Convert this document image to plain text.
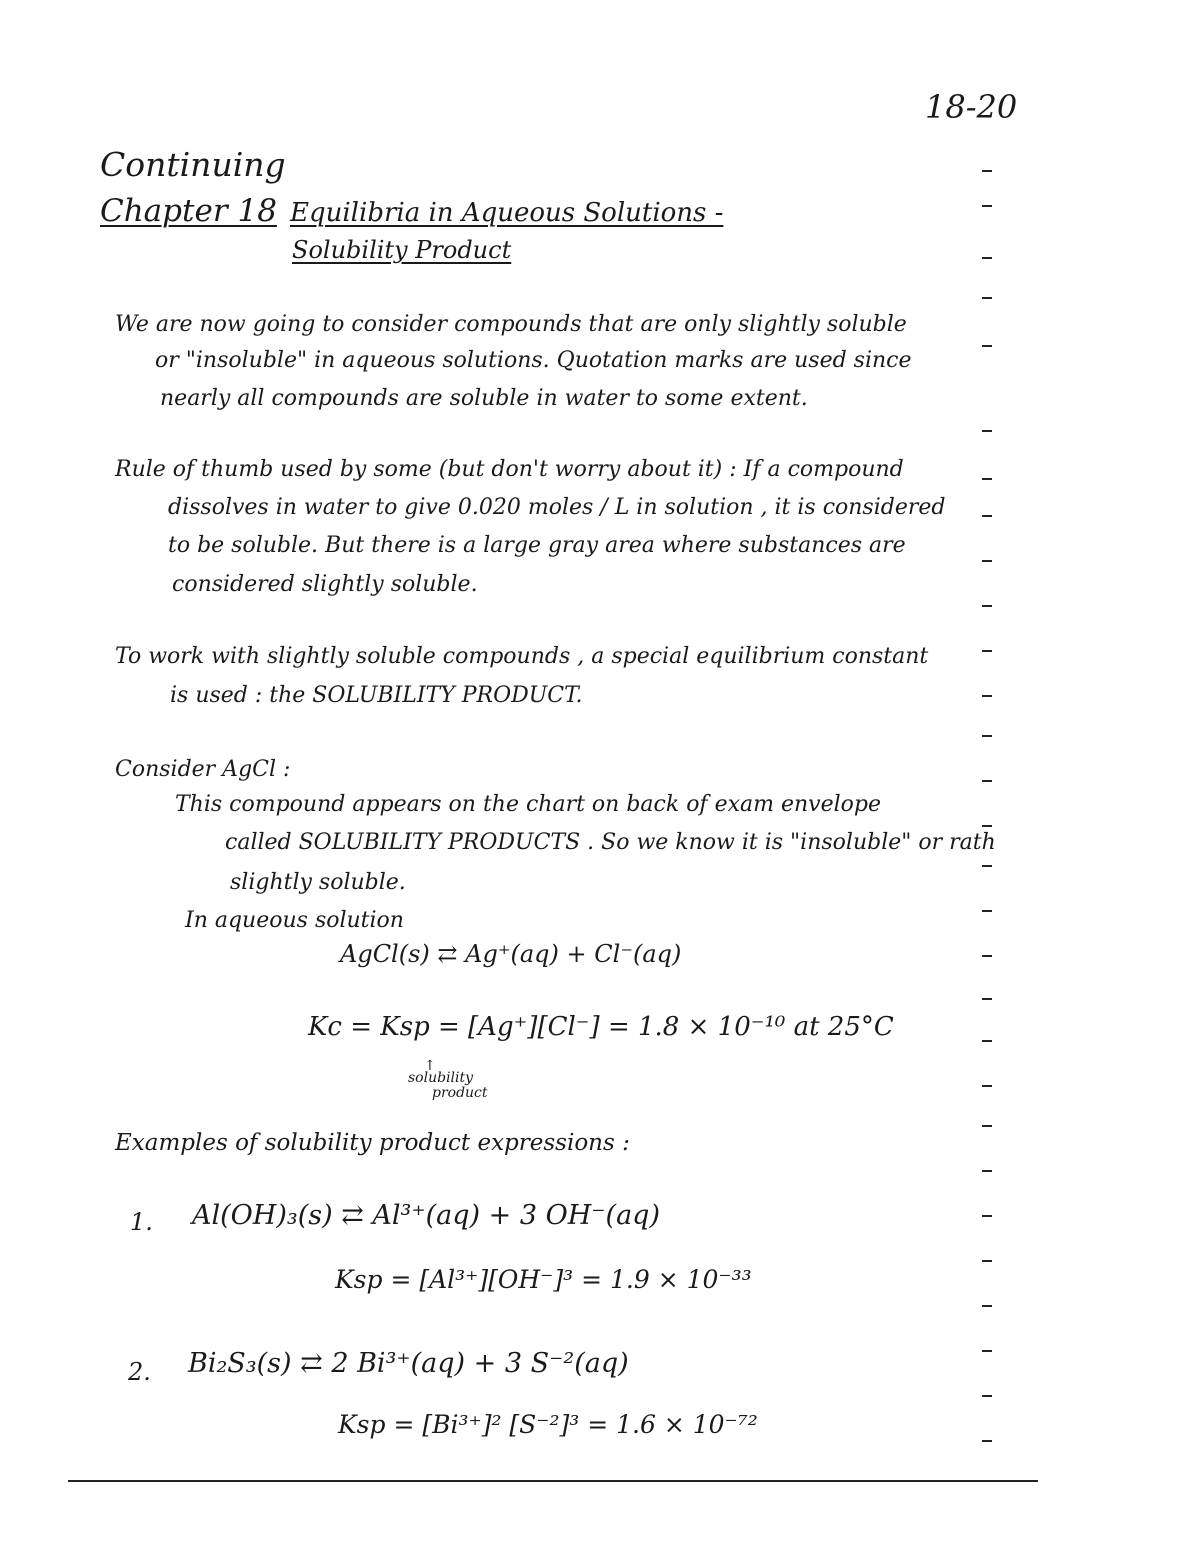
18-20
Continuing
Chapter 18 Equilibria in Aqueous Solutions -
Solubility Product
We are now going to consider compounds that are only slightly soluble
or "insoluble" in aqueous solutions. Quotation marks are used since
nearly all compounds are soluble in water to some extent.
Rule of thumb used by some (but don't worry about it) : If a compound
dissolves in water to give 0.020 moles / L in solution , it is considered
to be soluble. But there is a large gray area where substances are
considered slightly soluble.
To work with slightly soluble compounds , a special equilibrium constant
is used : the SOLUBILITY PRODUCT.
Consider AgCl :
This compound appears on the chart on back of exam envelope
called SOLUBILITY PRODUCTS . So we know it is "insoluble" or rath
slightly soluble.
In aqueous solution
AgCl(s) ⇄ Ag⁺(aq) + Cl⁻(aq)
Kc = Ksp = [Ag⁺][Cl⁻] = 1.8 × 10⁻¹⁰ at 25°C
↑
solubility
product
Examples of solubility product expressions :
1. Al(OH)₃(s) ⇄ Al³⁺(aq) + 3 OH⁻(aq)
Ksp = [Al³⁺][OH⁻]³ = 1.9 × 10⁻³³
2. Bi₂S₃(s) ⇄ 2 Bi³⁺(aq) + 3 S⁻²(aq)
Ksp = [Bi³⁺]² [S⁻²]³ = 1.6 × 10⁻⁷²
